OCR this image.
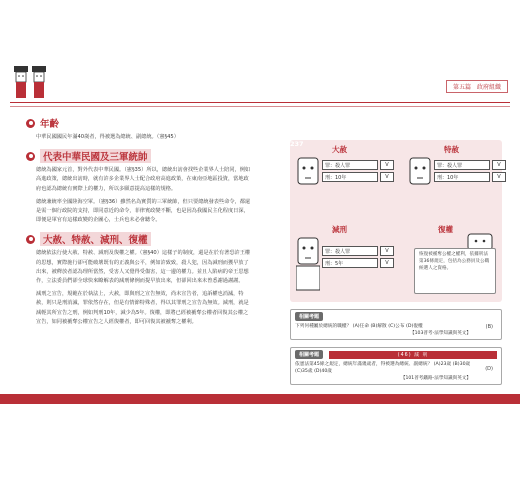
第五篇 政府組織
年齡

中華民國國民年滿40歲者，得被選為總統、副總統。（憲§45）

代表中華民國及三軍統帥

總統為國家元首，對外代表中華民國。（憲§35）所以，總統出訪會找些企業界人士陪同，例如高進政策，總統出訪時，就有許多企業界人士配合政府高進政策，在東南亞地區投資，當地政府也認為總統有實際上的權力，所以多願意提高這樣的規格。

總統兼統率全國陸海空軍。（憲§36）雖然名為實質的三軍統帥，但只要總統發表些命令，都還是需一個行政院的支持，即同意近的命令，菲律賓政變不斷，也是因為我國民主化程度日深，即便是軍官有這樣政變的企圖心，士兵也未必會聽令。

大赦、特赦、減刑、復權

總統依法行使大赦、特赦、減刑及復權之權。（憲§40）這樣子的制度，還是在於有著恐許王權的思想，實際施行卻可能破壞既有的正義與公平，例如許致致，殺人犯，因為減刑而獲早放了出來，被釋放者認為理所當然，受害人又覺得受傷害，這一邊的權力。並且人陷病的帝王思想作，立法委員們卻全球快來瞭解表的減刑條例而提早放出來，但卻回出來未曾悉謝過謝謝。

減刑之宣告，規範在於執法上，大赦，即與刑之宣告無效，尚未宣告者，追訴權也消滅，特赦，則只是刑消滅，罪依然存在，但是有情節特殊者，得以其罪刑之宣告為無效。減刑，就是減輕其所宣告之刑，例如判刑10年，減少為5年。復權，即將已經被褫奪公權者回復其公權之宣告，如同被褫奪公權宣告之人經復權者，即可回復其被褫奪之權利。

大赦
罪：殺人罪	V
刑：10年	V
特赦
罪：殺人罪	V
刑：10年	V
減刑
罪：殺人罪	V
刑：5年	V
復權
恢復被褫奪公權之權利，依據刑法第36條規定，包括為公務員及公職候選人之資格。
相關考題
下列何種屬於總統的職權？ (A)任命 (B)解散 (C)公布 (D)復權
【103普考-法學知識與英文】
(B)
相關考題	(46) 減 刑
依憲法第45條之規定，總統年滿幾歲者，得被選為總統、副總統？ (A)23歲 (B)30歲 (C)35歲 (D)40歲
【101普考鐵路-法學知識與英文】
(D)
236
237
